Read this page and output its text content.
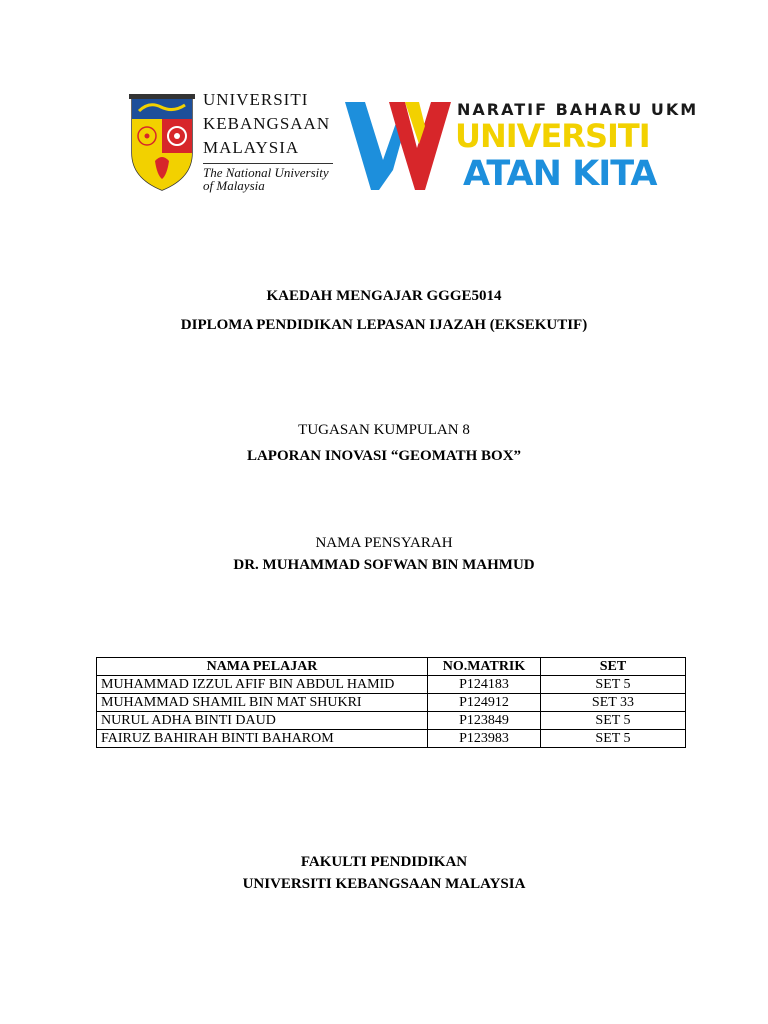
UNIVERSITI
KEBANGSAAN
MALAYSIA
The National University
of Malaysia
NARATIF BAHARU UKM
UNIVERSITI
ATAN KITA
KAEDAH MENGAJAR GGGE5014
DIPLOMA PENDIDIKAN LEPASAN IJAZAH (EKSEKUTIF)
TUGASAN KUMPULAN 8
LAPORAN INOVASI “GEOMATH BOX”
NAMA PENSYARAH
DR. MUHAMMAD SOFWAN BIN MAHMUD
NAMA PELAJAR	NO.MATRIK	SET
MUHAMMAD IZZUL AFIF BIN ABDUL HAMID	P124183	SET 5
MUHAMMAD SHAMIL BIN MAT SHUKRI	P124912	SET 33
NURUL ADHA BINTI DAUD	P123849	SET 5
FAIRUZ BAHIRAH BINTI BAHAROM	P123983	SET 5
FAKULTI PENDIDIKAN
UNIVERSITI KEBANGSAAN MALAYSIA
